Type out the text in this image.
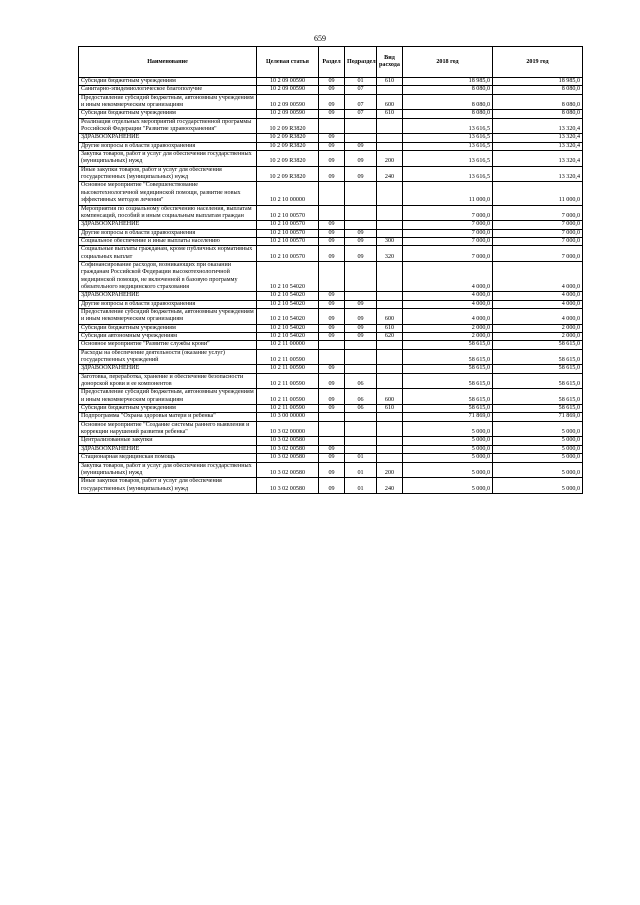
659
Наименование	Целевая статья	Раздел	Подраздел	Вид расхода	2018 год	2019 год
Субсидии бюджетным учреждениям	10 2 09 00590	09	01	610	18 985,0	18 985,0
Санитарно-эпидемиологическое благополучие	10 2 09 00590	09	07		8 080,0	8 080,0
Предоставление субсидий бюджетным, автономным учреждениям и иным некоммерческим организациям	10 2 09 00590	09	07	600	8 080,0	8 080,0
Субсидии бюджетным учреждениям	10 2 09 00590	09	07	610	8 080,0	8 080,0
Реализация отдельных мероприятий государственной программы Российской Федерации "Развитие здравоохранения"	10 2 09 R3820				13 616,5	13 320,4
ЗДРАВООХРАНЕНИЕ	10 2 09 R3820	09			13 616,5	13 320,4
Другие вопросы в области здравоохранения	10 2 09 R3820	09	09		13 616,5	13 320,4
Закупка товаров, работ и услуг для обеспечения государственных (муниципальных) нужд	10 2 09 R3820	09	09	200	13 616,5	13 320,4
Иные закупки товаров, работ и услуг для обеспечения государственных (муниципальных) нужд	10 2 09 R3820	09	09	240	13 616,5	13 320,4
Основное мероприятие "Совершенствование высокотехнологичной медицинской помощи, развитие новых эффективных методов лечения"	10 2 10 00000				11 000,0	11 000,0
Мероприятия по социальному обеспечению населения, выплатам компенсаций, пособий и иным социальным выплатам граждан	10 2 10 00570				7 000,0	7 000,0
ЗДРАВООХРАНЕНИЕ	10 2 10 00570	09			7 000,0	7 000,0
Другие вопросы в области здравоохранения	10 2 10 00570	09	09		7 000,0	7 000,0
Социальное обеспечение и иные выплаты населению	10 2 10 00570	09	09	300	7 000,0	7 000,0
Социальные выплаты гражданам, кроме публичных нормативных социальных выплат	10 2 10 00570	09	09	320	7 000,0	7 000,0
Софинансирование расходов, возникающих при оказании гражданам Российской Федерации высокотехнологичной медицинской помощи, не включенной в базовую программу обязательного медицинского страхования	10 2 10 54020				4 000,0	4 000,0
ЗДРАВООХРАНЕНИЕ	10 2 10 54020	09			4 000,0	4 000,0
Другие вопросы в области здравоохранения	10 2 10 54020	09	09		4 000,0	4 000,0
Предоставление субсидий бюджетным, автономным учреждениям и иным некоммерческим организациям	10 2 10 54020	09	09	600	4 000,0	4 000,0
Субсидии бюджетным учреждениям	10 2 10 54020	09	09	610	2 000,0	2 000,0
Субсидии автономным учреждениям	10 2 10 54020	09	09	620	2 000,0	2 000,0
Основное мероприятие "Развитие службы крови"	10 2 11 00000				58 615,0	58 615,0
Расходы на обеспечение деятельности (оказание услуг) государственных учреждений	10 2 11 00590				58 615,0	58 615,0
ЗДРАВООХРАНЕНИЕ	10 2 11 00590	09			58 615,0	58 615,0
Заготовка, переработка, хранение и обеспечение безопасности донорской крови и ее компонентов	10 2 11 00590	09	06		58 615,0	58 615,0
Предоставление субсидий бюджетным, автономным учреждениям и иным некоммерческим организациям	10 2 11 00590	09	06	600	58 615,0	58 615,0
Субсидии бюджетным учреждениям	10 2 11 00590	09	06	610	58 615,0	58 615,0
Подпрограмма "Охрана здоровья матери и ребенка"	10 3 00 00000				71 869,0	71 869,0
Основное мероприятие "Создание системы раннего выявления и коррекции нарушений развития ребенка"	10 3 02 00000				5 000,0	5 000,0
Централизованные закупки	10 3 02 00580				5 000,0	5 000,0
ЗДРАВООХРАНЕНИЕ	10 3 02 00580	09			5 000,0	5 000,0
Стационарная медицинская помощь	10 3 02 00580	09	01		5 000,0	5 000,0
Закупка товаров, работ и услуг для обеспечения государственных (муниципальных) нужд	10 3 02 00580	09	01	200	5 000,0	5 000,0
Иные закупки товаров, работ и услуг для обеспечения государственных (муниципальных) нужд	10 3 02 00580	09	01	240	5 000,0	5 000,0
